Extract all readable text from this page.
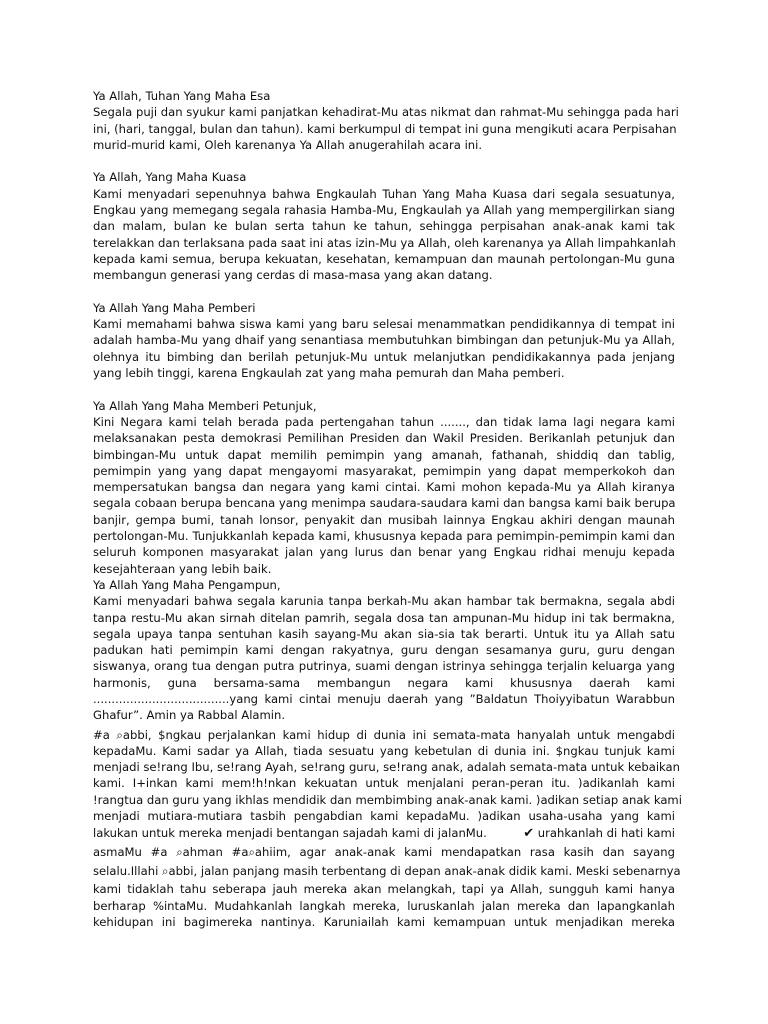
Ya Allah, Tuhan Yang Maha Esa
Segala puji dan syukur kami panjatkan kehadirat-Mu atas nikmat dan rahmat-Mu sehingga pada hari
ini, (hari, tanggal, bulan dan tahun). kami berkumpul di tempat ini guna mengikuti acara Perpisahan
murid-murid kami, Oleh karenanya Ya Allah anugerahilah acara ini.
Ya Allah, Yang Maha Kuasa
Kami menyadari sepenuhnya bahwa Engkaulah Tuhan Yang Maha Kuasa dari segala sesuatunya,
Engkau yang memegang segala rahasia Hamba-Mu, Engkaulah ya Allah yang mempergilirkan siang
dan malam, bulan ke bulan serta tahun ke tahun, sehingga perpisahan anak-anak kami tak
terelakkan dan terlaksana pada saat ini atas izin-Mu ya Allah, oleh karenanya ya Allah limpahkanlah
kepada kami semua, berupa kekuatan, kesehatan, kemampuan dan maunah pertolongan-Mu guna
membangun generasi yang cerdas di masa-masa yang akan datang.
Ya Allah Yang Maha Pemberi
Kami memahami bahwa siswa kami yang baru selesai menammatkan pendidikannya di tempat ini
adalah hamba-Mu yang dhaif yang senantiasa membutuhkan bimbingan dan petunjuk-Mu ya Allah,
olehnya itu bimbing dan berilah petunjuk-Mu untuk melanjutkan pendidikakannya pada jenjang
yang lebih tinggi, karena Engkaulah zat yang maha pemurah dan Maha pemberi.
Ya Allah Yang Maha Memberi Petunjuk,
Kini Negara kami telah berada pada pertengahan tahun ......., dan tidak lama lagi negara kami
melaksanakan pesta demokrasi Pemilihan Presiden dan Wakil Presiden. Berikanlah petunjuk dan
bimbingan-Mu untuk dapat memilih pemimpin yang amanah, fathanah, shiddiq dan tablig,
pemimpin yang yang dapat mengayomi masyarakat, pemimpin yang dapat memperkokoh dan
mempersatukan bangsa dan negara yang kami cintai. Kami mohon kepada-Mu ya Allah kiranya
segala cobaan berupa bencana yang menimpa saudara-saudara kami dan bangsa kami baik berupa
banjir, gempa bumi, tanah lonsor, penyakit dan musibah lainnya Engkau akhiri dengan maunah
pertolongan-Mu. Tunjukkanlah kepada kami, khususnya kepada para pemimpin-pemimpin kami dan
seluruh komponen masyarakat jalan yang lurus dan benar yang Engkau ridhai menuju kepada
kesejahteraan yang lebih baik.
Ya Allah Yang Maha Pengampun,
Kami menyadari bahwa segala karunia tanpa berkah-Mu akan hambar tak bermakna, segala abdi
tanpa restu-Mu akan sirnah ditelan pamrih, segala dosa tan ampunan-Mu hidup ini tak bermakna,
segala upaya tanpa sentuhan kasih sayang-Mu akan sia-sia tak berarti. Untuk itu ya Allah satu
padukan hati pemimpin kami dengan rakyatnya, guru dengan sesamanya guru, guru dengan
siswanya, orang tua dengan putra putrinya, suami dengan istrinya sehingga terjalin keluarga yang
harmonis, guna bersama-sama membangun negara kami khususnya daerah kami
.....................................yang kami cintai menuju daerah yang ”Baldatun Thoiyyibatun Warabbun
Ghafur”. Amin ya Rabbal Alamin.
#a ⌕abbi, $ngkau perjalankan kami hidup di dunia ini semata-mata hanyalah untuk mengabdi
kepadaMu. Kami sadar ya Allah, tiada sesuatu yang kebetulan di dunia ini. $ngkau tunjuk kami
menjadi se!rang Ibu, se!rang Ayah, se!rang guru, se!rang anak, adalah semata-mata untuk kebaikan
kami. I+inkan kami mem!h!nkan kekuatan untuk menjalani peran-peran itu. )adikanlah kami
!rangtua dan guru yang ikhlas mendidik dan membimbing anak-anak kami. )adikan setiap anak kami
menjadi mutiara-mutiara tasbih pengabdian kami kepadaMu. )adikan usaha-usaha yang kami
lakukan untuk mereka menjadi bentangan sajadah kami di jalanMu.	✔ urahkanlah di hati kami
asmaMu #a ⌕ahman #a⌕ahiim, agar anak-anak kami mendapatkan rasa kasih dan sayang
selalu.Illahi ⌕abbi, jalan panjang masih terbentang di depan anak-anak didik kami. Meski sebenarnya
kami tidaklah tahu seberapa jauh mereka akan melangkah, tapi ya Allah, sungguh kami hanya
berharap %intaMu. Mudahkanlah langkah mereka, luruskanlah jalan mereka dan lapangkanlah
kehidupan ini bagimereka nantinya. Karuniailah kami kemampuan untuk menjadikan mereka
